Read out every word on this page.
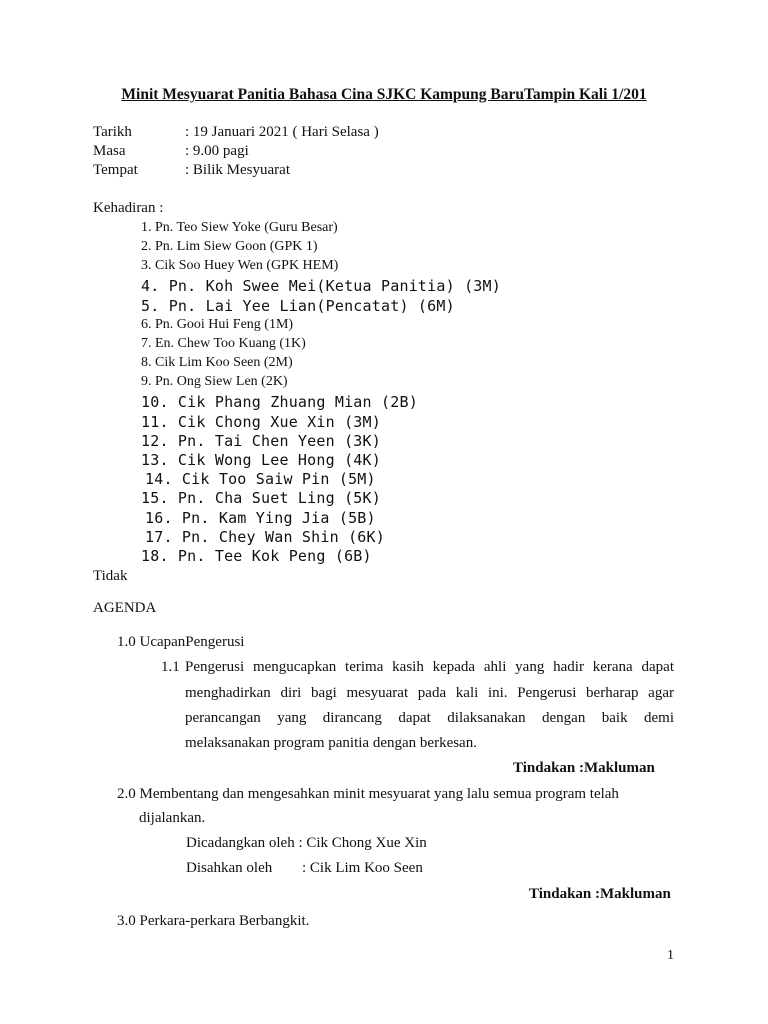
Minit Mesyuarat Panitia Bahasa Cina SJKC Kampung BaruTampin Kali 1/201
Tarikh	: 19 Januari 2021 ( Hari Selasa )
Masa	: 9.00 pagi
Tempat	: Bilik Mesyuarat
Kehadiran :
1. Pn. Teo Siew Yoke (Guru Besar)
2. Pn. Lim Siew Goon (GPK 1)
3. Cik Soo Huey Wen (GPK HEM)
4. Pn. Koh Swee Mei(Ketua Panitia) (3M)
5. Pn. Lai Yee Lian(Pencatat) (6M)
6. Pn. Gooi Hui Feng (1M)
7. En. Chew Too Kuang (1K)
8. Cik Lim Koo Seen (2M)
9. Pn. Ong Siew Len (2K)
10. Cik Phang Zhuang Mian (2B)
11. Cik Chong Xue Xin (3M)
12. Pn. Tai Chen Yeen (3K)
13. Cik Wong Lee Hong (4K)
14. Cik Too Saiw Pin (5M)
15. Pn. Cha Suet Ling (5K)
16. Pn. Kam Ying Jia (5B)
17. Pn. Chey Wan Shin (6K)
18. Pn. Tee Kok Peng (6B)
Tidak
AGENDA
1.0 UcapanPengerusi
1.1 Pengerusi mengucapkan terima kasih kepada ahli yang hadir kerana dapat
menghadirkan diri bagi mesyuarat pada kali ini. Pengerusi berharap agar
perancangan yang dirancang dapat dilaksanakan dengan baik demi
melaksanakan program panitia dengan berkesan.
Tindakan :Makluman
2.0 Membentang dan mengesahkan minit mesyuarat yang lalu semua program telah
dijalankan.
Dicadangkan oleh : Cik Chong Xue Xin
Disahkan oleh : Cik Lim Koo Seen
Tindakan :Makluman
3.0 Perkara-perkara Berbangkit.
1
